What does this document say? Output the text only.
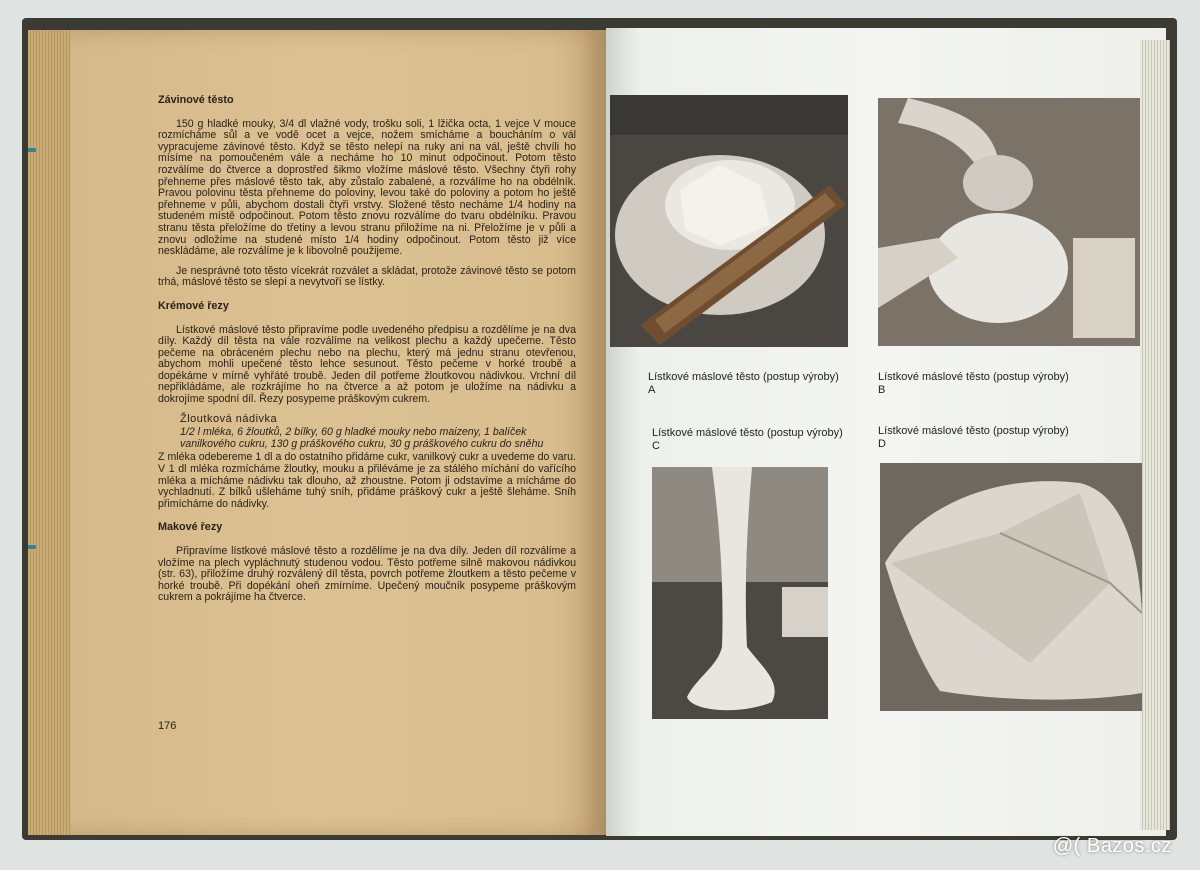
Závinové těsto

150 g hladké mouky, 3/4 dl vlažné vody, trošku soli, 1 lžička octa, 1 vejce V mouce rozmícháme sůl a ve vodě ocet a vejce, nožem smícháme a boucháním o vál vypracujeme závinové těsto. Když se těsto nelepí na ruky ani na vál, ještě chvíli ho mísíme na pomoučeném vále a necháme ho 10 minut odpočinout. Potom těsto rozválíme do čtverce a doprostřed šikmo vložíme máslové těsto. Všechny čtyři rohy přehneme přes máslové těsto tak, aby zůstalo zabalené, a rozválíme ho na obdélník. Pravou polovinu těsta přehneme do poloviny, levou také do poloviny a potom ho ještě přehneme v půli, abychom dostali čtyři vrstvy. Složené těsto necháme 1/4 hodiny na studeném místě odpočinout. Potom těsto znovu rozválíme do tvaru obdélníku. Pravou stranu těsta přeložíme do třetiny a levou stranu přiložíme na ni. Přeložíme je v půli a znovu odložíme na studené místo 1/4 hodiny odpočinout. Potom těsto již více neskládáme, ale rozválíme je k libovolně použijeme.

Je nesprávné toto těsto vícekrát rozválet a skládat, protože závinové těsto se potom trhá, máslové těsto se slepí a nevytvoří se lístky.

Krémové řezy

Lístkové máslové těsto připravíme podle uvedeného předpisu a rozdělíme je na dva díly. Každý díl těsta na vále rozválíme na velikost plechu a každý upečeme. Těsto pečeme na obráceném plechu nebo na plechu, který má jednu stranu otevřenou, abychom mohli upečené těsto lehce sesunout. Těsto pečeme v horké troubě a dopékáme v mírně vyhřáté troubě. Jeden díl potřeme žloutkovou nádivkou. Vrchní díl nepřikládáme, ale rozkrájíme ho na čtverce a až potom je uložíme na nádivku a dokrojíme spodní díl. Řezy posypeme práškovým cukrem.

Žloutková nádivka
1/2 l mléka, 6 žloutků, 2 bílky, 60 g hladké mouky nebo maizeny, 1 balíček vanilkového cukru, 130 g práškového cukru, 30 g práškového cukru do sněhu

Z mléka odebereme 1 dl a do ostatního přidáme cukr, vanilkový cukr a uvedeme do varu. V 1 dl mléka rozmícháme žloutky, mouku a přiléváme je za stálého míchání do vařícího mléka a mícháme nádivku tak dlouho, až zhoustne. Potom ji odstavíme a mícháme do vychladnutí. Z bílků ušleháme tuhý sníh, přidáme práškový cukr a ještě šleháme. Sníh přimícháme do nádivky.

Makové řezy

Připravíme lístkové máslové těsto a rozdělíme je na dva díly. Jeden díl rozválíme a vložíme na plech vypláchnutý studenou vodou. Těsto potřeme silně makovou nádivkou (str. 63), přiložíme druhý rozválený díl těsta, povrch potřeme žloutkem a těsto pečeme v horké troubě. Při dopékání oheň zmírníme. Upečený moučník posypeme práškovým cukrem a pokrájíme ha čtverce.

176
Lístkové máslové těsto (postup výroby) A
Lístkové máslové těsto (postup výroby) B
Lístkové máslové těsto (postup výroby) C
Lístkové máslové těsto (postup výroby) D
@( Bazos.cz
